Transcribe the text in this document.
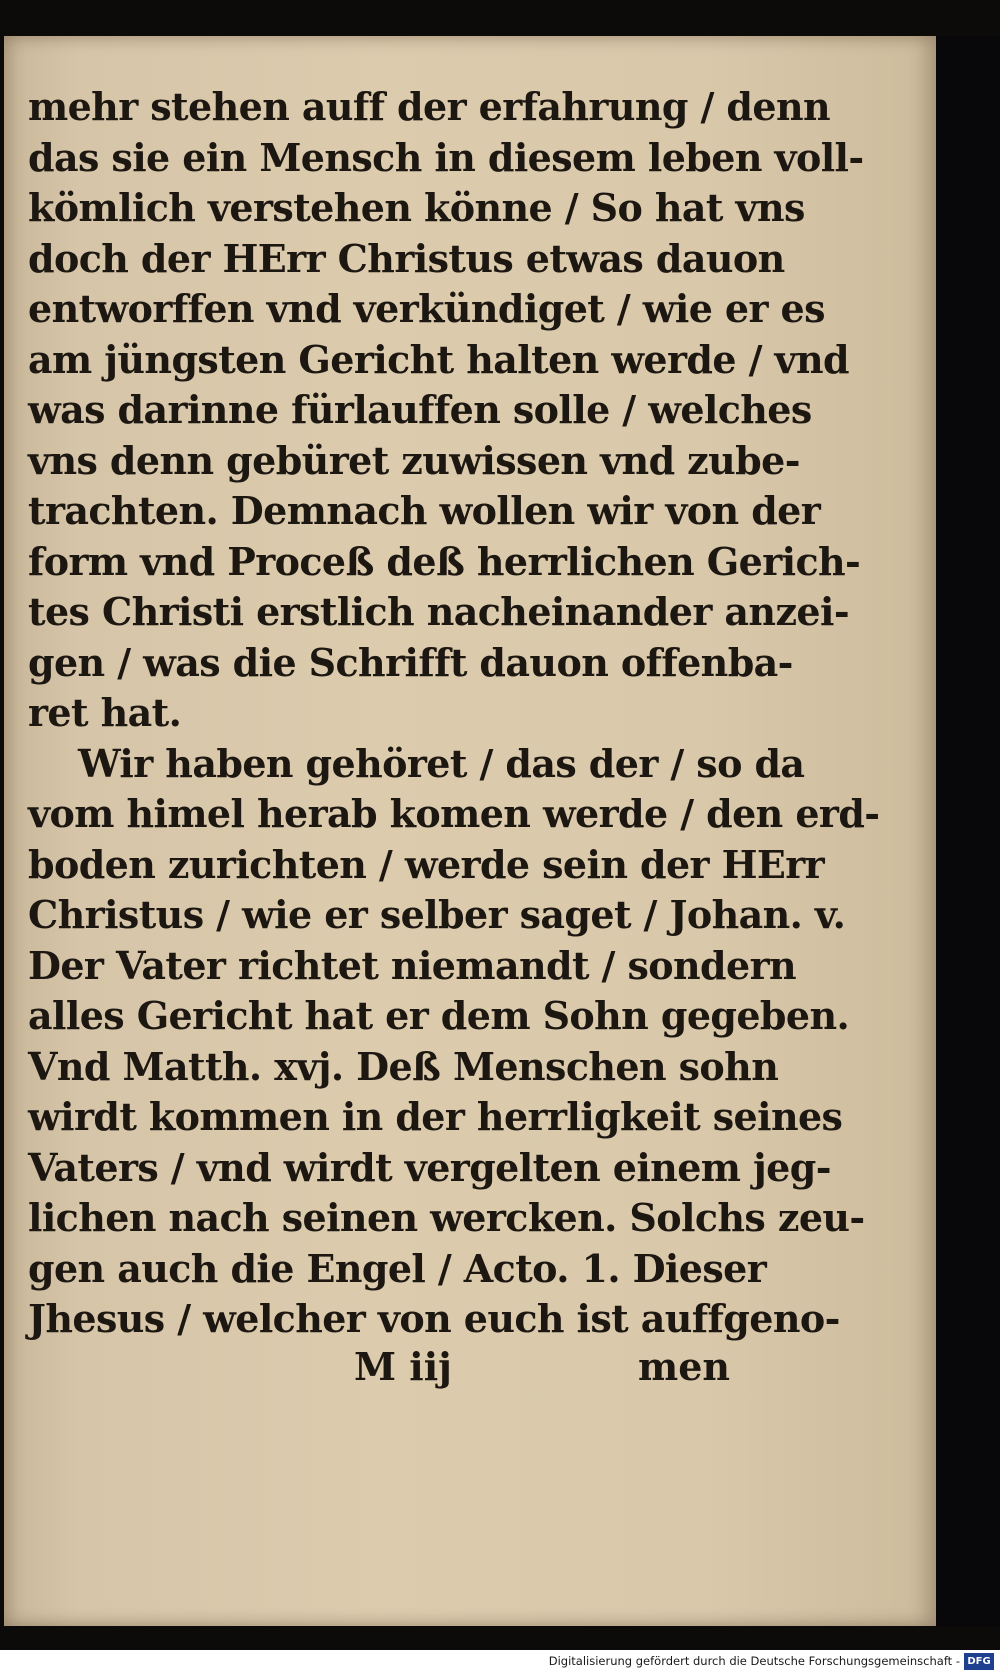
mehr stehen auff der erfahrung / denn
das sie ein Mensch in diesem leben voll-
kömlich verstehen könne / So hat vns
doch der HErr Christus etwas dauon
entworffen vnd verkündiget / wie er es
am jüngsten Gericht halten werde / vnd
was darinne fürlauffen solle / welches
vns denn gebüret zuwissen vnd zube-
trachten. Demnach wollen wir von der
form vnd Proceß deß herrlichen Gerich-
tes Christi erstlich nacheinander anzei-
gen / was die Schrifft dauon offenba-
ret hat.
Wir haben gehöret / das der / so da
vom himel herab komen werde / den erd-
boden zurichten / werde sein der HErr
Christus / wie er selber saget / Johan. v.
Der Vater richtet niemandt / sondern
alles Gericht hat er dem Sohn gegeben.
Vnd Matth. xvj. Deß Menschen sohn
wirdt kommen in der herrligkeit seines
Vaters / vnd wirdt vergelten einem jeg-
lichen nach seinen wercken. Solchs zeu-
gen auch die Engel / Acto. 1. Dieser
Jhesus / welcher von euch ist auffgeno-
M iij	men
Digitalisierung gefördert durch die Deutsche Forschungsgemeinschaft - DFG
